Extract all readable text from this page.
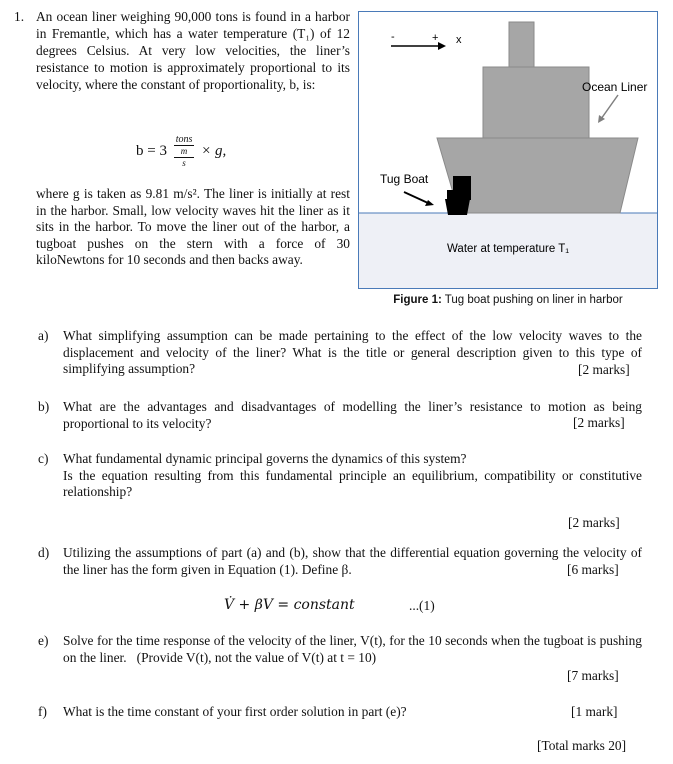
1. An ocean liner weighing 90,000 tons is found in a harbor in Fremantle, which has a water temperature (T₁) of 12 degrees Celsius. At very low velocities, the liner’s resistance to motion is approximately proportional to its velocity, where the constant of proportionality, b, is:
b = 3 tons
m
s × g,
where g is taken as 9.81 m/s². The liner is initially at rest in the harbor. Small, low velocity waves hit the liner as it sits in the harbor. To move the liner out of the harbor, a tugboat pushes on the stern with a force of 30 kiloNewtons for 10 seconds and then backs away.
-	+ x
Ocean Liner
Tug Boat
Water at temperature T₁
Figure 1: Tug boat pushing on liner in harbor
a) What simplifying assumption can be made pertaining to the effect of the low velocity waves to the displacement and velocity of the liner? What is the title or general description given to this type of simplifying assumption?	[2 marks]
b) What are the advantages and disadvantages of modelling the liner’s resistance to motion as being proportional to its velocity?	[2 marks]
c) What fundamental dynamic principal governs the dynamics of this system?
Is the equation resulting from this fundamental principle an equilibrium, compatibility or constitutive relationship?
[2 marks]
d) Utilizing the assumptions of part (a) and (b), show that the differential equation governing the velocity of the liner has the form given in Equation (1). Define β.	[6 marks]
V̇ + βV = constant	...(1)
e) Solve for the time response of the velocity of the liner, V(t), for the 10 seconds when the tugboat is pushing on the liner. (Provide V(t), not the value of V(t) at t = 10)
[7 marks]
f) What is the time constant of your first order solution in part (e)?	[1 mark]
[Total marks 20]
